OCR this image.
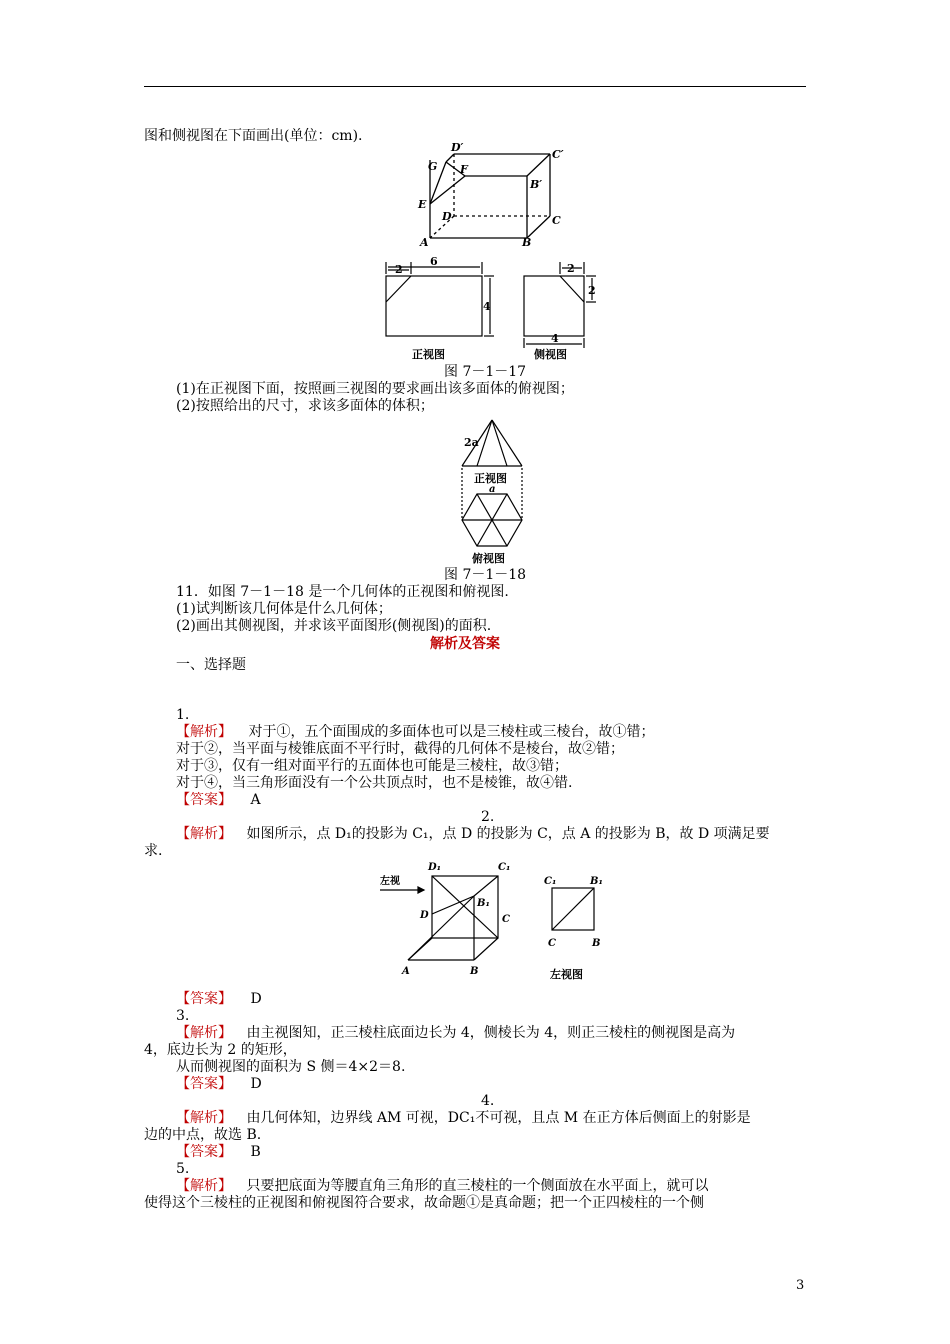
图和侧视图在下面画出(单位：cm).
D′
C′
G F
B′
E
D	C
A	B
2
6
4
正视图
2
2
4
侧视图
图 7－1－17
(1)在正视图下面，按照画三视图的要求画出该多面体的俯视图；
(2)按照给出的尺寸，求该多面体的体积；
2a
正视图
a
俯视图
图 7－1－18
11．如图 7－1－18 是一个几何体的正视图和俯视图.
(1)试判断该几何体是什么几何体；
(2)画出其侧视图，并求该平面图形(侧视图)的面积.
解析及答案
一、选择题
1.
【解析】 对于①，五个面围成的多面体也可以是三棱柱或三棱台，故①错；
对于②，当平面与棱锥底面不平行时，截得的几何体不是棱台，故②错；
对于③，仅有一组对面平行的五面体也可能是三棱柱，故③错；
对于④，当三角形面没有一个公共顶点时，也不是棱锥，故④错.
【答案】 A
2.
【解析】 如图所示，点 D₁的投影为 C₁，点 D 的投影为 C，点 A 的投影为 B，故 D 项满足要
求.
左视
D₁	C₁
D
B₁
C
A	B
C₁	B₁
C	B
左视图
【答案】 D
3.
【解析】 由主视图知，正三棱柱底面边长为 4，侧棱长为 4，则正三棱柱的侧视图是高为
4，底边长为 2 的矩形，
从而侧视图的面积为 S 侧＝4×2＝8.
【答案】 D
4.
【解析】 由几何体知，边界线 AM 可视，DC₁不可视，且点 M 在正方体后侧面上的射影是
边的中点，故选 B.
【答案】 B
5.
【解析】 只要把底面为等腰直角三角形的直三棱柱的一个侧面放在水平面上，就可以
使得这个三棱柱的正视图和俯视图符合要求，故命题①是真命题；把一个正四棱柱的一个侧
3
